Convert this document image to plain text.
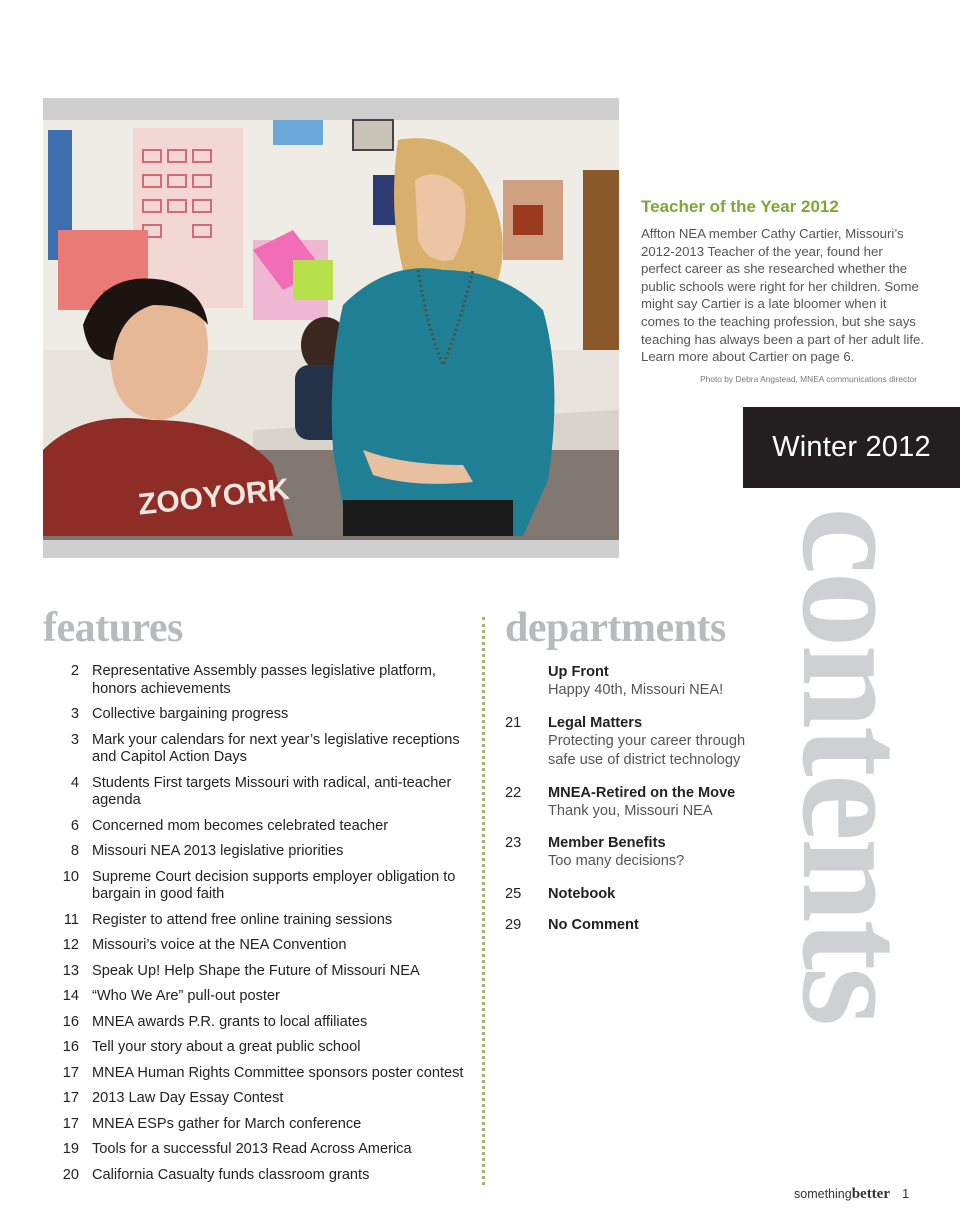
ZOOYORK
Teacher of the Year 2012

Affton NEA member Cathy Cartier, Missouri’s 2012-2013 Teacher of the year, found her perfect career as she researched whether the public schools were right for her children. Some might say Cartier is a late bloomer when it comes to the teaching profession, but she says teaching has always been a part of her adult life. Learn more about Cartier on page 6.

Photo by Debra Angstead, MNEA communications director
Winter 2012
contents
features
2 Representative Assembly passes legislative platform, honors achievements
3 Collective bargaining progress
3 Mark your calendars for next year’s legislative receptions and Capitol Action Days
4 Students First targets Missouri with radical, anti-teacher agenda
6 Concerned mom becomes celebrated teacher
8 Missouri NEA 2013 legislative priorities
10 Supreme Court decision supports employer obligation to bargain in good faith
11 Register to attend free online training sessions
12 Missouri’s voice at the NEA Convention
13 Speak Up! Help Shape the Future of Missouri NEA
14 “Who We Are” pull-out poster
16 MNEA awards P.R. grants to local affiliates
16 Tell your story about a great public school
17 MNEA Human Rights Committee sponsors poster contest
17 2013 Law Day Essay Contest
17 MNEA ESPs gather for March conference
19 Tools for a successful 2013 Read Across America
20 California Casualty funds classroom grants
departments
Up Front
Happy 40th, Missouri NEA!
21	Legal Matters
Protecting your career through safe use of district technology
22	MNEA-Retired on the Move
Thank you, Missouri NEA
23	Member Benefits
Too many decisions?
25	Notebook
29	No Comment
somethingbetter 1
